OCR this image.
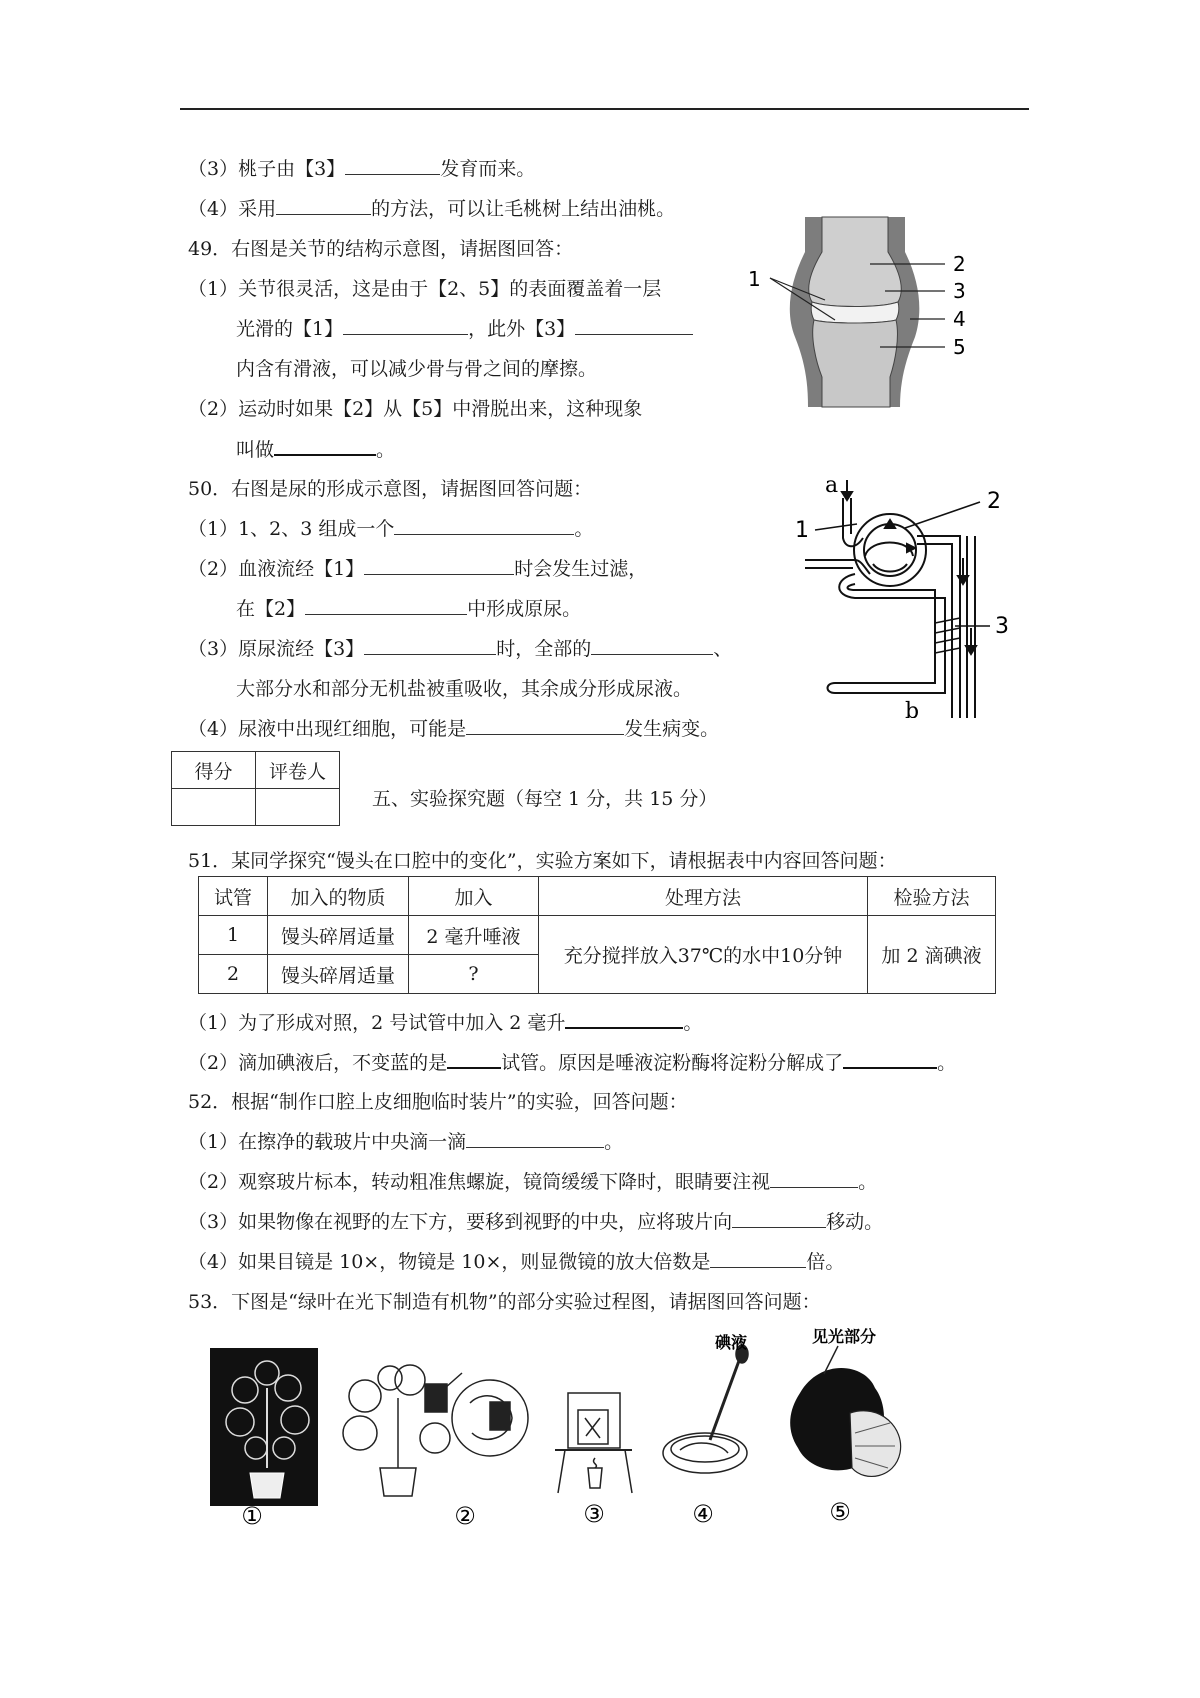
（3）桃子由【3】	发育而来。
（4）采用	的方法，可以让毛桃树上结出油桃。
49．右图是关节的结构示意图，请据图回答：
（1）关节很灵活，这是由于【2、5】的表面覆盖着一层
光滑的【1】	，此外【3】
内含有滑液，可以减少骨与骨之间的摩擦。
（2）运动时如果【2】从【5】中滑脱出来，这种现象
叫做	。
1
2
3
4
5
50．右图是尿的形成示意图，请据图回答问题：
（1）1、2、3 组成一个	。
（2）血液流经【1】	时会发生过滤，
在【2】	中形成原尿。
（3）原尿流经【3】	时，全部的	、
大部分水和部分无机盐被重吸收，其余成分形成尿液。
（4）尿液中出现红细胞，可能是	发生病变。
a
b
1
2
3
得分	评卷人

五、实验探究题（每空 1 分，共 15 分）
51．某同学探究“馒头在口腔中的变化”，实验方案如下，请根据表中内容回答问题：
试管	加入的物质	加入	处理方法	检验方法
1	馒头碎屑适量	2 毫升唾液	充分搅拌放入37℃的水中10分钟	加 2 滴碘液
2	馒头碎屑适量	?		
（1）为了形成对照，2 号试管中加入 2 毫升	。
（2）滴加碘液后，不变蓝的是	试管。原因是唾液淀粉酶将淀粉分解成了	。
52．根据“制作口腔上皮细胞临时装片”的实验，回答问题：
（1）在擦净的载玻片中央滴一滴	。
（2）观察玻片标本，转动粗准焦螺旋，镜筒缓缓下降时，眼睛要注视	。
（3）如果物像在视野的左下方，要移到视野的中央，应将玻片向	移动。
（4）如果目镜是 10×，物镜是 10×，则显微镜的放大倍数是	倍。
53．下图是“绿叶在光下制造有机物”的部分实验过程图，请据图回答问题：
碘液	见光部分
①	②	③	④	⑤
